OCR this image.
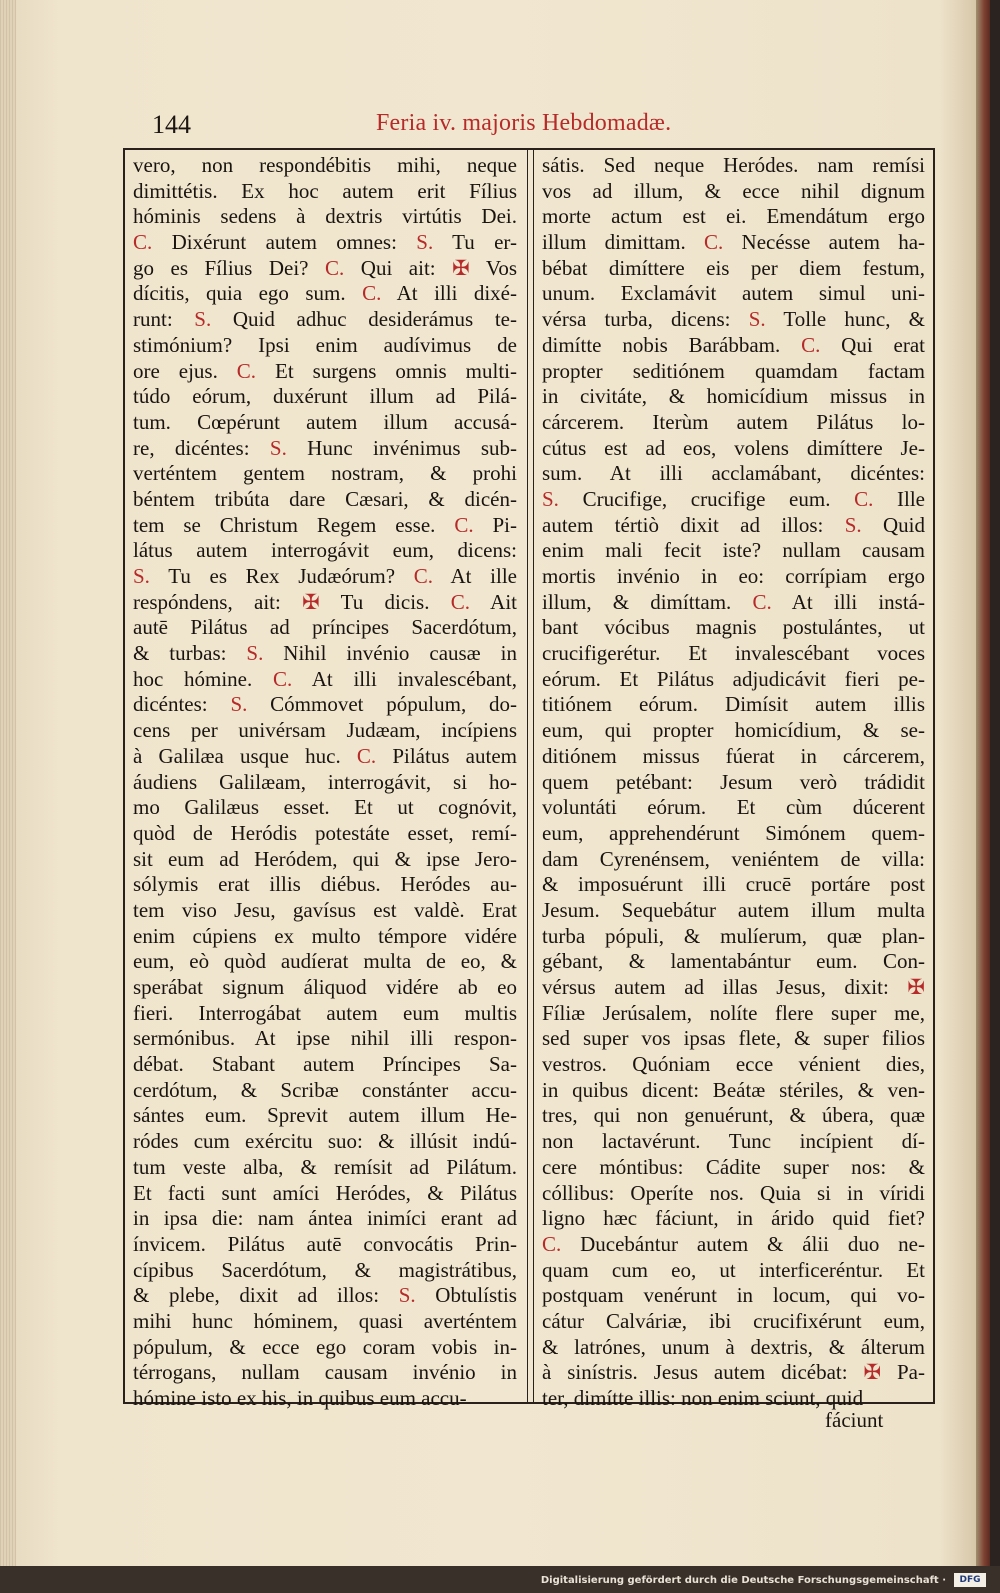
144	Feria iv. majoris Hebdomadæ.
vero, non respondébitis mihi, neque
dimittétis. Ex hoc autem erit Fílius
hóminis sedens à dextris virtútis Dei.
C. Dixérunt autem omnes: S. Tu er-
go es Fílius Dei? C. Qui ait: ✠ Vos
dícitis, quia ego sum. C. At illi dixé-
runt: S. Quid adhuc desiderámus te-
stimónium? Ipsi enim audívimus de
ore ejus. C. Et surgens omnis multi-
túdo eórum, duxérunt illum ad Pilá-
tum. Cœpérunt autem illum accusá-
re, dicéntes: S. Hunc invénimus sub-
verténtem gentem nostram, & prohi
béntem tribúta dare Cæsari, & dicén-
tem se Christum Regem esse. C. Pi-
látus autem interrogávit eum, dicens:
S. Tu es Rex Judæórum? C. At ille
respóndens, ait: ✠ Tu dicis. C. Ait
autē Pilátus ad príncipes Sacerdótum,
& turbas: S. Nihil invénio causæ in
hoc hómine. C. At illi invalescébant,
dicéntes: S. Cómmovet pópulum, do-
cens per univérsam Judæam, incípiens
à Galilæa usque huc. C. Pilátus autem
áudiens Galilæam, interrogávit, si ho-
mo Galilæus esset. Et ut cognóvit,
quòd de Heródis potestáte esset, remí-
sit eum ad Heródem, qui & ipse Jero-
sólymis erat illis diébus. Heródes au-
tem viso Jesu, gavísus est valdè. Erat
enim cúpiens ex multo témpore vidére
eum, eò quòd audíerat multa de eo, &
sperábat signum áliquod vidére ab eo
fieri. Interrogábat autem eum multis
sermónibus. At ipse nihil illi respon-
débat. Stabant autem Príncipes Sa-
cerdótum, & Scribæ constánter accu-
sántes eum. Sprevit autem illum He-
ródes cum exércitu suo: & illúsit indú-
tum veste alba, & remísit ad Pilátum.
Et facti sunt amíci Heródes, & Pilátus
in ipsa die: nam ántea inimíci erant ad
ínvicem. Pilátus autē convocátis Prin-
cípibus Sacerdótum, & magistrátibus,
& plebe, dixit ad illos: S. Obtulístis
mihi hunc hóminem, quasi averténtem
pópulum, & ecce ego coram vobis in-
térrogans, nullam causam invénio in
hómine isto ex his, in quibus eum accu-
sátis. Sed neque Heródes. nam remísi
vos ad illum, & ecce nihil dignum
morte actum est ei. Emendátum ergo
illum dimittam. C. Necésse autem ha-
bébat dimíttere eis per diem festum,
unum. Exclamávit autem simul uni-
vérsa turba, dicens: S. Tolle hunc, &
dimítte nobis Barábbam. C. Qui erat
propter seditiónem quamdam factam
in civitáte, & homicídium missus in
cárcerem. Iterùm autem Pilátus lo-
cútus est ad eos, volens dimíttere Je-
sum. At illi acclamábant, dicéntes:
S. Crucifige, crucifige eum. C. Ille
autem tértiò dixit ad illos: S. Quid
enim mali fecit iste? nullam causam
mortis invénio in eo: corrípiam ergo
illum, & dimíttam. C. At illi instá-
bant vócibus magnis postulántes, ut
crucifigerétur. Et invalescébant voces
eórum. Et Pilátus adjudicávit fieri pe-
titiónem eórum. Dimísit autem illis
eum, qui propter homicídium, & se-
ditiónem missus fúerat in cárcerem,
quem petébant: Jesum verò trádidit
voluntáti eórum. Et cùm dúcerent
eum, apprehendérunt Simónem quem-
dam Cyrenénsem, veniéntem de villa:
& imposuérunt illi crucē portáre post
Jesum. Sequebátur autem illum multa
turba pópuli, & mulíerum, quæ plan-
gébant, & lamentabántur eum. Con-
vérsus autem ad illas Jesus, dixit: ✠
Fíliæ Jerúsalem, nolíte flere super me,
sed super vos ipsas flete, & super filios
vestros. Quóniam ecce vénient dies,
in quibus dicent: Beátæ stériles, & ven-
tres, qui non genuérunt, & úbera, quæ
non lactavérunt. Tunc incípient dí-
cere móntibus: Cádite super nos: &
cóllibus: Operíte nos. Quia si in víridi
ligno hæc fáciunt, in árido quid fiet?
C. Ducebántur autem & álii duo ne-
quam cum eo, ut interficeréntur. Et
postquam venérunt in locum, qui vo-
cátur Calváriæ, ibi crucifixérunt eum,
& latrónes, unum à dextris, & álterum
à sinístris. Jesus autem dicébat: ✠ Pa-
ter, dimítte illis: non enim sciunt, quid
fáciunt
Digitalisierung gefördert durch die Deutsche Forschungsgemeinschaft ·	DFG
